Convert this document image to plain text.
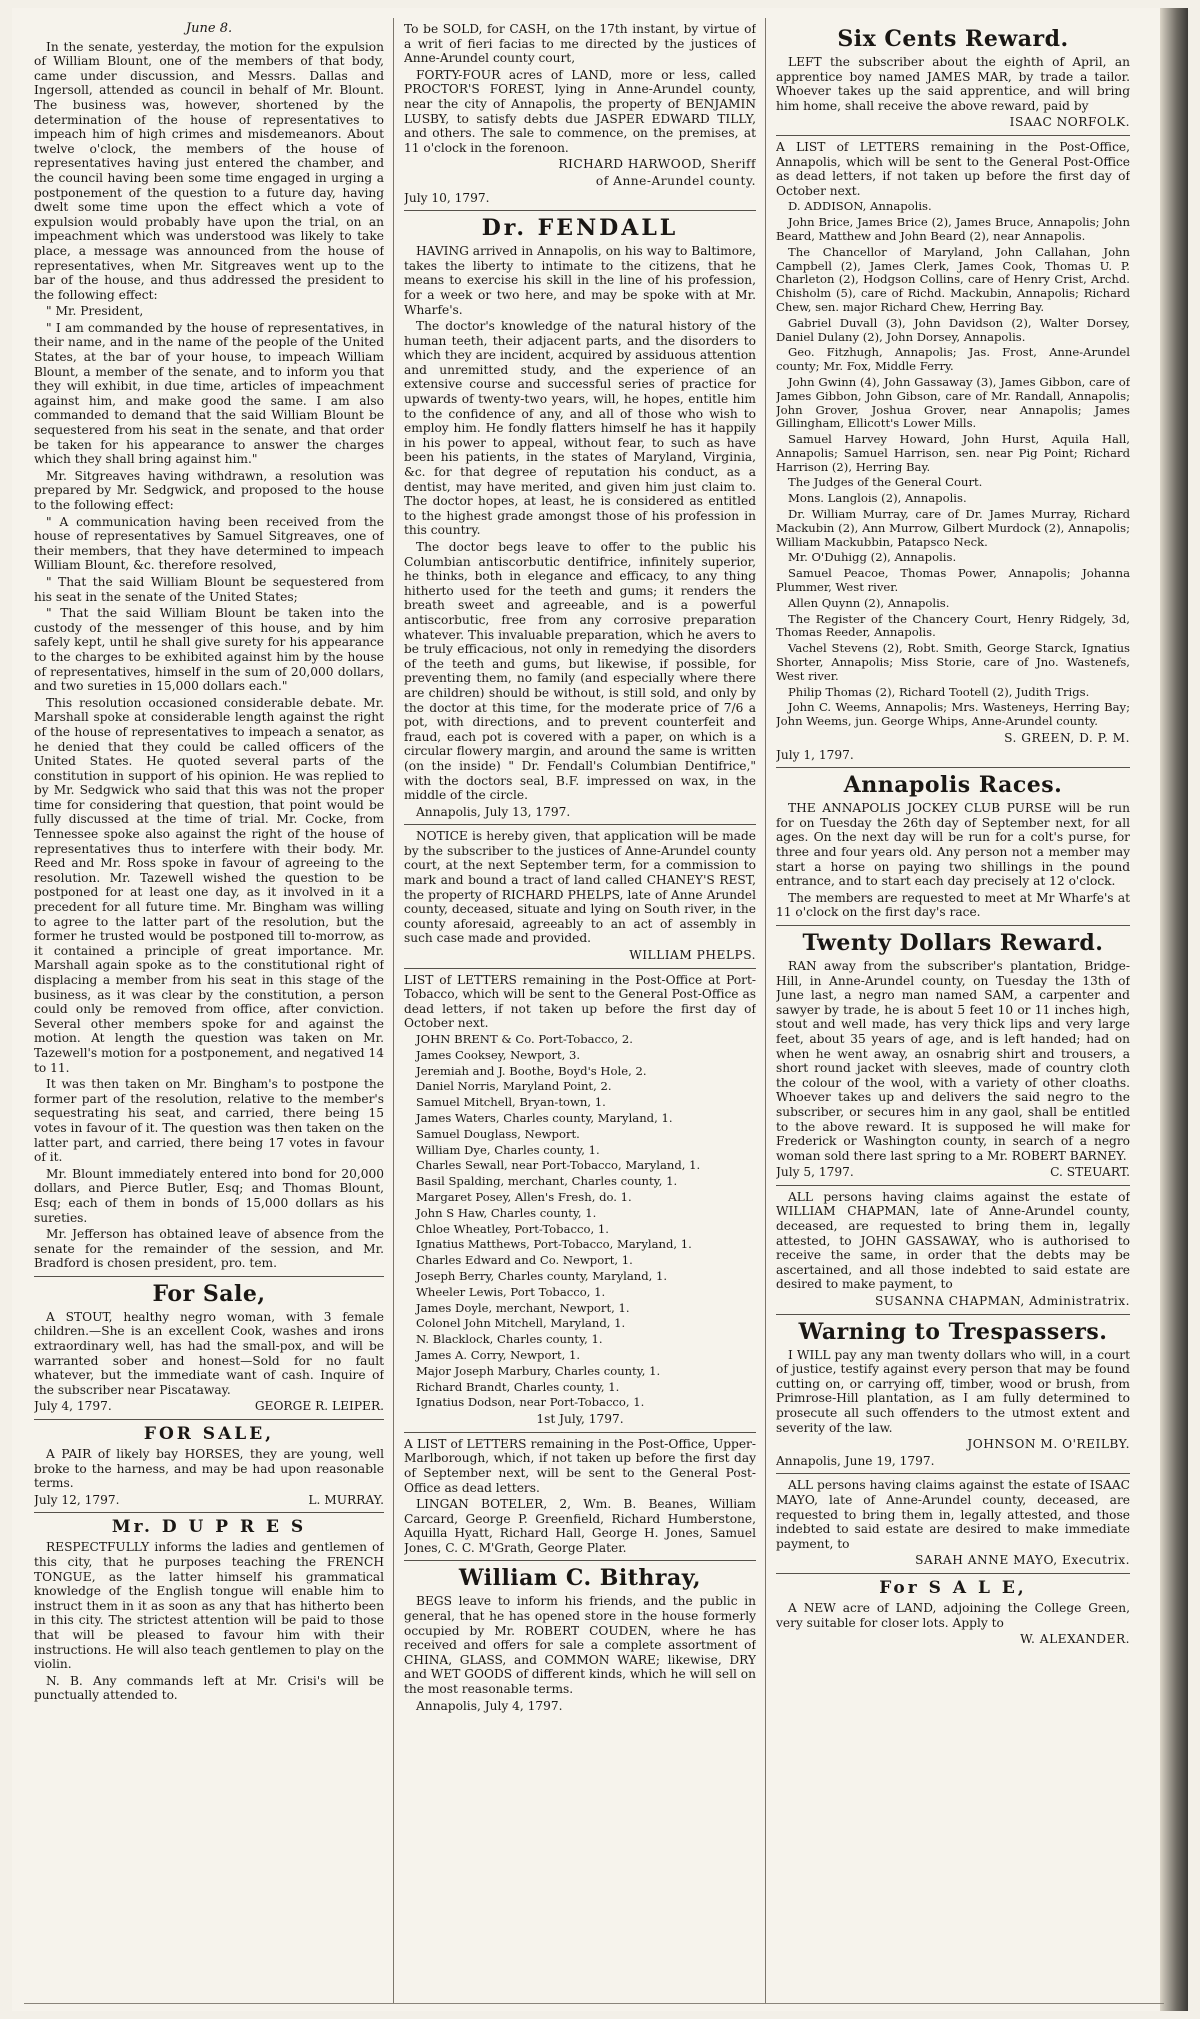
June 8.

In the senate, yesterday, the motion for the expulsion of William Blount, one of the members of that body, came under discussion, and Messrs. Dallas and Ingersoll, attended as council in behalf of Mr. Blount. The business was, however, shortened by the determination of the house of representatives to impeach him of high crimes and misdemeanors. About twelve o'clock, the members of the house of representatives having just entered the chamber, and the council having been some time engaged in urging a postponement of the question to a future day, having dwelt some time upon the effect which a vote of expulsion would probably have upon the trial, on an impeachment which was understood was likely to take place, a message was announced from the house of representatives, when Mr. Sitgreaves went up to the bar of the house, and thus addressed the president to the following effect:

" Mr. President,

" I am commanded by the house of representatives, in their name, and in the name of the people of the United States, at the bar of your house, to impeach William Blount, a member of the senate, and to inform you that they will exhibit, in due time, articles of impeachment against him, and make good the same. I am also commanded to demand that the said William Blount be sequestered from his seat in the senate, and that order be taken for his appearance to answer the charges which they shall bring against him."

Mr. Sitgreaves having withdrawn, a resolution was prepared by Mr. Sedgwick, and proposed to the house to the following effect:

" A communication having been received from the house of representatives by Samuel Sitgreaves, one of their members, that they have determined to impeach William Blount, &c. therefore resolved,

" That the said William Blount be sequestered from his seat in the senate of the United States;

" That the said William Blount be taken into the custody of the messenger of this house, and by him safely kept, until he shall give surety for his appearance to the charges to be exhibited against him by the house of representatives, himself in the sum of 20,000 dollars, and two sureties in 15,000 dollars each."

This resolution occasioned considerable debate. Mr. Marshall spoke at considerable length against the right of the house of representatives to impeach a senator, as he denied that they could be called officers of the United States. He quoted several parts of the constitution in support of his opinion. He was replied to by Mr. Sedgwick who said that this was not the proper time for considering that question, that point would be fully discussed at the time of trial. Mr. Cocke, from Tennessee spoke also against the right of the house of representatives thus to interfere with their body. Mr. Reed and Mr. Ross spoke in favour of agreeing to the resolution. Mr. Tazewell wished the question to be postponed for at least one day, as it involved in it a precedent for all future time. Mr. Bingham was willing to agree to the latter part of the resolution, but the former he trusted would be postponed till to-morrow, as it contained a principle of great importance. Mr. Marshall again spoke as to the constitutional right of displacing a member from his seat in this stage of the business, as it was clear by the constitution, a person could only be removed from office, after conviction. Several other members spoke for and against the motion. At length the question was taken on Mr. Tazewell's motion for a postponement, and negatived 14 to 11.

It was then taken on Mr. Bingham's to postpone the former part of the resolution, relative to the member's sequestrating his seat, and carried, there being 15 votes in favour of it. The question was then taken on the latter part, and carried, there being 17 votes in favour of it.

Mr. Blount immediately entered into bond for 20,000 dollars, and Pierce Butler, Esq; and Thomas Blount, Esq; each of them in bonds of 15,000 dollars as his sureties.

Mr. Jefferson has obtained leave of absence from the senate for the remainder of the session, and Mr. Bradford is chosen president, pro. tem.

For Sale,

A STOUT, healthy negro woman, with 3 female children.—She is an excellent Cook, washes and irons extraordinary well, has had the small-pox, and will be warranted sober and honest—Sold for no fault whatever, but the immediate want of cash. Inquire of the subscriber near Piscataway.

July 4, 1797.	GEORGE R. LEIPER.
FOR SALE,

A PAIR of likely bay HORSES, they are young, well broke to the harness, and may be had upon reasonable terms.

July 12, 1797.	L. MURRAY.
Mr. D U P R E S

RESPECTFULLY informs the ladies and gentlemen of this city, that he purposes teaching the FRENCH TONGUE, as the latter himself his grammatical knowledge of the English tongue will enable him to instruct them in it as soon as any that has hitherto been in this city. The strictest attention will be paid to those that will be pleased to favour him with their instructions. He will also teach gentlemen to play on the violin.

N. B. Any commands left at Mr. Crisi's will be punctually attended to.

To be SOLD, for CASH, on the 17th instant, by virtue of a writ of fieri facias to me directed by the justices of Anne-Arundel county court,

FORTY-FOUR acres of LAND, more or less, called PROCTOR'S FOREST, lying in Anne-Arundel county, near the city of Annapolis, the property of BENJAMIN LUSBY, to satisfy debts due JASPER EDWARD TILLY, and others. The sale to commence, on the premises, at 11 o'clock in the forenoon.

RICHARD HARWOOD, Sheriff

of Anne-Arundel county.

July 10, 1797.

Dr. FENDALL

HAVING arrived in Annapolis, on his way to Baltimore, takes the liberty to intimate to the citizens, that he means to exercise his skill in the line of his profession, for a week or two here, and may be spoke with at Mr. Wharfe's.

The doctor's knowledge of the natural history of the human teeth, their adjacent parts, and the disorders to which they are incident, acquired by assiduous attention and unremitted study, and the experience of an extensive course and successful series of practice for upwards of twenty-two years, will, he hopes, entitle him to the confidence of any, and all of those who wish to employ him. He fondly flatters himself he has it happily in his power to appeal, without fear, to such as have been his patients, in the states of Maryland, Virginia, &c. for that degree of reputation his conduct, as a dentist, may have merited, and given him just claim to. The doctor hopes, at least, he is considered as entitled to the highest grade amongst those of his profession in this country.

The doctor begs leave to offer to the public his Columbian antiscorbutic dentifrice, infinitely superior, he thinks, both in elegance and efficacy, to any thing hitherto used for the teeth and gums; it renders the breath sweet and agreeable, and is a powerful antiscorbutic, free from any corrosive preparation whatever. This invaluable preparation, which he avers to be truly efficacious, not only in remedying the disorders of the teeth and gums, but likewise, if possible, for preventing them, no family (and especially where there are children) should be without, is still sold, and only by the doctor at this time, for the moderate price of 7/6 a pot, with directions, and to prevent counterfeit and fraud, each pot is covered with a paper, on which is a circular flowery margin, and around the same is written (on the inside) " Dr. Fendall's Columbian Dentifrice," with the doctors seal, B.F. impressed on wax, in the middle of the circle.

Annapolis, July 13, 1797.

NOTICE is hereby given, that application will be made by the subscriber to the justices of Anne-Arundel county court, at the next September term, for a commission to mark and bound a tract of land called CHANEY'S REST, the property of RICHARD PHELPS, late of Anne Arundel county, deceased, situate and lying on South river, in the county aforesaid, agreeably to an act of assembly in such case made and provided.

WILLIAM PHELPS.

LIST of LETTERS remaining in the Post-Office at Port-Tobacco, which will be sent to the General Post-Office as dead letters, if not taken up before the first day of October next.

JOHN BRENT & Co. Port-Tobacco, 2.

James Cooksey, Newport, 3.

Jeremiah and J. Boothe, Boyd's Hole, 2.

Daniel Norris, Maryland Point, 2.

Samuel Mitchell, Bryan-town, 1.

James Waters, Charles county, Maryland, 1.

Samuel Douglass, Newport.

William Dye, Charles county, 1.

Charles Sewall, near Port-Tobacco, Maryland, 1.

Basil Spalding, merchant, Charles county, 1.

Margaret Posey, Allen's Fresh, do. 1.

John S Haw, Charles county, 1.

Chloe Wheatley, Port-Tobacco, 1.

Ignatius Matthews, Port-Tobacco, Maryland, 1.

Charles Edward and Co. Newport, 1.

Joseph Berry, Charles county, Maryland, 1.

Wheeler Lewis, Port Tobacco, 1.

James Doyle, merchant, Newport, 1.

Colonel John Mitchell, Maryland, 1.

N. Blacklock, Charles county, 1.

James A. Corry, Newport, 1.

Major Joseph Marbury, Charles county, 1.

Richard Brandt, Charles county, 1.

Ignatius Dodson, near Port-Tobacco, 1.

1st July, 1797.

A LIST of LETTERS remaining in the Post-Office, Upper-Marlborough, which, if not taken up before the first day of September next, will be sent to the General Post-Office as dead letters.

LINGAN BOTELER, 2, Wm. B. Beanes, William Carcard, George P. Greenfield, Richard Humberstone, Aquilla Hyatt, Richard Hall, George H. Jones, Samuel Jones, C. C. M'Grath, George Plater.

William C. Bithray,

BEGS leave to inform his friends, and the public in general, that he has opened store in the house formerly occupied by Mr. ROBERT COUDEN, where he has received and offers for sale a complete assortment of CHINA, GLASS, and COMMON WARE; likewise, DRY and WET GOODS of different kinds, which he will sell on the most reasonable terms.

Annapolis, July 4, 1797.

Six Cents Reward.

LEFT the subscriber about the eighth of April, an apprentice boy named JAMES MAR, by trade a tailor. Whoever takes up the said apprentice, and will bring him home, shall receive the above reward, paid by

ISAAC NORFOLK.

A LIST of LETTERS remaining in the Post-Office, Annapolis, which will be sent to the General Post-Office as dead letters, if not taken up before the first day of October next.

D. ADDISON, Annapolis.

John Brice, James Brice (2), James Bruce, Annapolis; John Beard, Matthew and John Beard (2), near Annapolis.

The Chancellor of Maryland, John Callahan, John Campbell (2), James Clerk, James Cook, Thomas U. P. Charleton (2), Hodgson Collins, care of Henry Crist, Archd. Chisholm (5), care of Richd. Mackubin, Annapolis; Richard Chew, sen. major Richard Chew, Herring Bay.

Gabriel Duvall (3), John Davidson (2), Walter Dorsey, Daniel Dulany (2), John Dorsey, Annapolis.

Geo. Fitzhugh, Annapolis; Jas. Frost, Anne-Arundel county; Mr. Fox, Middle Ferry.

John Gwinn (4), John Gassaway (3), James Gibbon, care of James Gibbon, John Gibson, care of Mr. Randall, Annapolis; John Grover, Joshua Grover, near Annapolis; James Gillingham, Ellicott's Lower Mills.

Samuel Harvey Howard, John Hurst, Aquila Hall, Annapolis; Samuel Harrison, sen. near Pig Point; Richard Harrison (2), Herring Bay.

The Judges of the General Court.

Mons. Langlois (2), Annapolis.

Dr. William Murray, care of Dr. James Murray, Richard Mackubin (2), Ann Murrow, Gilbert Murdock (2), Annapolis; William Mackubbin, Patapsco Neck.

Mr. O'Duhigg (2), Annapolis.

Samuel Peacoe, Thomas Power, Annapolis; Johanna Plummer, West river.

Allen Quynn (2), Annapolis.

The Register of the Chancery Court, Henry Ridgely, 3d, Thomas Reeder, Annapolis.

Vachel Stevens (2), Robt. Smith, George Starck, Ignatius Shorter, Annapolis; Miss Storie, care of Jno. Wastenefs, West river.

Philip Thomas (2), Richard Tootell (2), Judith Trigs.

John C. Weems, Annapolis; Mrs. Wasteneys, Herring Bay; John Weems, jun. George Whips, Anne-Arundel county.

S. GREEN, D. P. M.

July 1, 1797.

Annapolis Races.

THE ANNAPOLIS JOCKEY CLUB PURSE will be run for on Tuesday the 26th day of September next, for all ages. On the next day will be run for a colt's purse, for three and four years old. Any person not a member may start a horse on paying two shillings in the pound entrance, and to start each day precisely at 12 o'clock.

The members are requested to meet at Mr Wharfe's at 11 o'clock on the first day's race.

Twenty Dollars Reward.

RAN away from the subscriber's plantation, Bridge-Hill, in Anne-Arundel county, on Tuesday the 13th of June last, a negro man named SAM, a carpenter and sawyer by trade, he is about 5 feet 10 or 11 inches high, stout and well made, has very thick lips and very large feet, about 35 years of age, and is left handed; had on when he went away, an osnabrig shirt and trousers, a short round jacket with sleeves, made of country cloth the colour of the wool, with a variety of other cloaths. Whoever takes up and delivers the said negro to the subscriber, or secures him in any gaol, shall be entitled to the above reward. It is supposed he will make for Frederick or Washington county, in search of a negro woman sold there last spring to a Mr. ROBERT BARNEY.

July 5, 1797.	C. STEUART.

ALL persons having claims against the estate of WILLIAM CHAPMAN, late of Anne-Arundel county, deceased, are requested to bring them in, legally attested, to JOHN GASSAWAY, who is authorised to receive the same, in order that the debts may be ascertained, and all those indebted to said estate are desired to make payment, to

SUSANNA CHAPMAN, Administratrix.

Warning to Trespassers.

I WILL pay any man twenty dollars who will, in a court of justice, testify against every person that may be found cutting on, or carrying off, timber, wood or brush, from Primrose-Hill plantation, as I am fully determined to prosecute all such offenders to the utmost extent and severity of the law.

JOHNSON M. O'REILBY.

Annapolis, June 19, 1797.

ALL persons having claims against the estate of ISAAC MAYO, late of Anne-Arundel county, deceased, are requested to bring them in, legally attested, and those indebted to said estate are desired to make immediate payment, to

SARAH ANNE MAYO, Executrix.

For S A L E,

A NEW acre of LAND, adjoining the College Green, very suitable for closer lots. Apply to

W. ALEXANDER.
